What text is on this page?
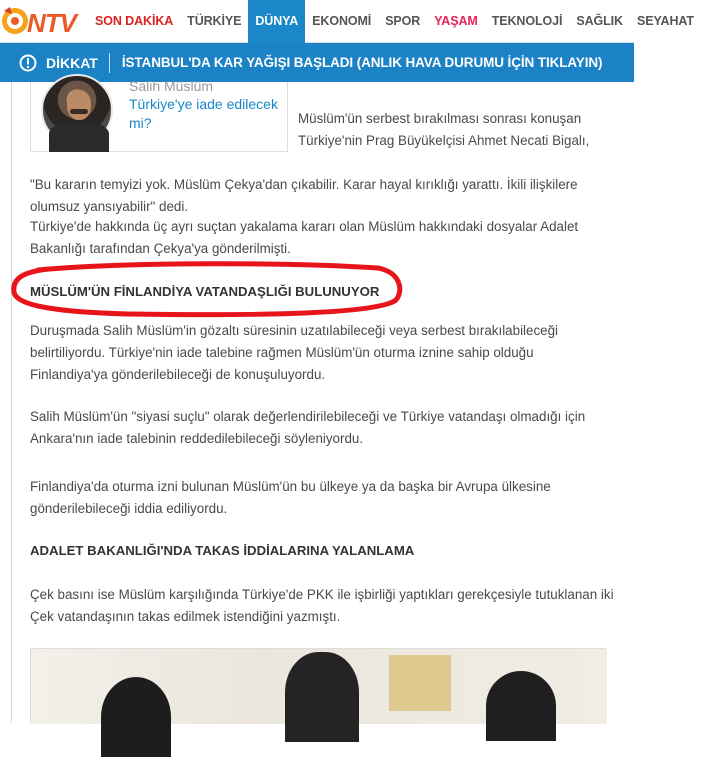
NTV	SON DAKİKA	TÜRKİYE	DÜNYA	EKONOMİ	SPOR	YAŞAM	TEKNOLOJİ	SAĞLIK	SEYAHAT
DİKKAT İSTANBUL'DA KAR YAĞIŞI BAŞLADI (ANLIK HAVA DURUMU İÇİN TIKLAYIN)
Salih Müslüm
Türkiye'ye iade edilecek mi?	Müslüm'ün serbest bırakılması sonrası konuşan Türkiye'nin Prag Büyükelçisi Ahmet Necati Bigalı,

"Bu kararın temyizi yok. Müslüm Çekya'dan çıkabilir. Karar hayal kırıklığı yarattı. İkili ilişkilere olumsuz yansıyabilir" dedi.

Türkiye'de hakkında üç ayrı suçtan yakalama kararı olan Müslüm hakkındaki dosyalar Adalet Bakanlığı tarafından Çekya'ya gönderilmişti.

MÜSLÜM'ÜN FİNLANDİYA VATANDAŞLIĞI BULUNUYOR

Duruşmada Salih Müslüm'in gözaltı süresinin uzatılabileceği veya serbest bırakılabileceği belirtiliyordu. Türkiye'nin iade talebine rağmen Müslüm'ün oturma iznine sahip olduğu Finlandiya'ya gönderilebileceği de konuşuluyordu.

Salih Müslüm'ün "siyasi suçlu" olarak değerlendirilebileceği ve Türkiye vatandaşı olmadığı için Ankara'nın iade talebinin reddedilebileceği söyleniyordu.

Finlandiya'da oturma izni bulunan Müslüm'ün bu ülkeye ya da başka bir Avrupa ülkesine gönderilebileceği iddia ediliyordu.

ADALET BAKANLIĞI'NDA TAKAS İDDİALARINA YALANLAMA

Çek basını ise Müslüm karşılığında Türkiye'de PKK ile işbirliği yaptıkları gerekçesiyle tutuklanan iki Çek vatandaşının takas edilmek istendiğini yazmıştı.
